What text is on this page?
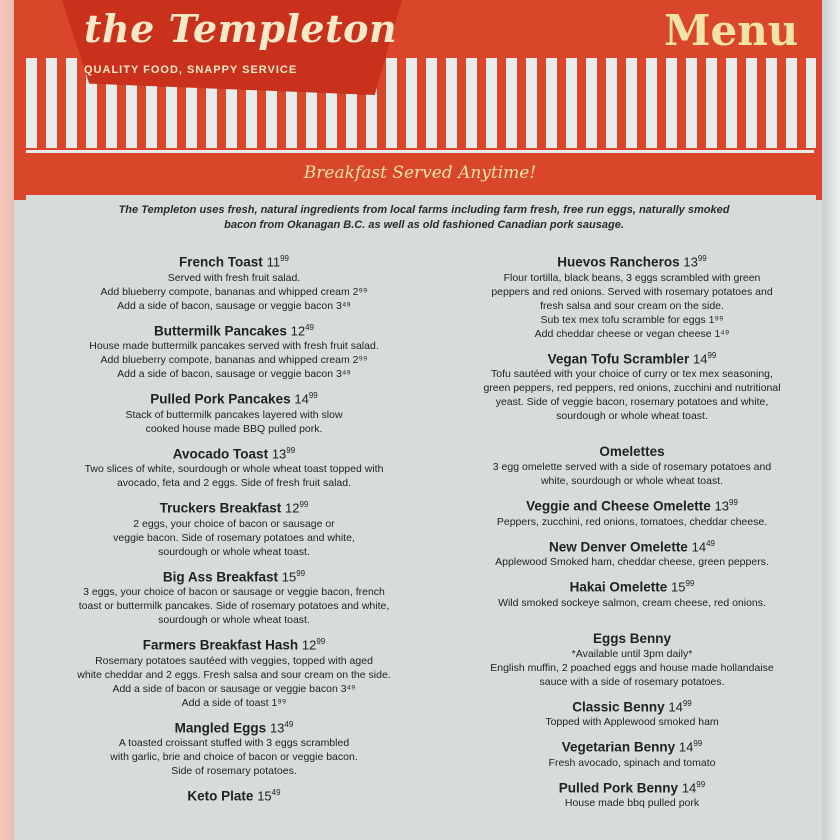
the Templeton
QUALITY FOOD, SNAPPY SERVICE
Menu
Breakfast Served Anytime!
The Templeton uses fresh, natural ingredients from local farms including farm fresh, free run eggs, naturally smoked bacon from Okanagan B.C. as well as old fashioned Canadian pork sausage.
French Toast $11^{99}$
Served with fresh fruit salad.
Add blueberry compote, bananas and whipped cream 2⁹⁹
Add a side of bacon, sausage or veggie bacon 3⁴⁹
Buttermilk Pancakes $12^{49}$
House made buttermilk pancakes served with fresh fruit salad.
Add blueberry compote, bananas and whipped cream 2⁹⁹
Add a side of bacon, sausage or veggie bacon 3⁴⁹
Pulled Pork Pancakes $14^{99}$
Stack of buttermilk pancakes layered with slow
cooked house made BBQ pulled pork.
Avocado Toast $13^{99}$
Two slices of white, sourdough or whole wheat toast topped with
avocado, feta and 2 eggs. Side of fresh fruit salad.
Truckers Breakfast $12^{99}$
2 eggs, your choice of bacon or sausage or
veggie bacon. Side of rosemary potatoes and white,
sourdough or whole wheat toast.
Big Ass Breakfast $15^{99}$
3 eggs, your choice of bacon or sausage or veggie bacon, french
toast or buttermilk pancakes. Side of rosemary potatoes and white,
sourdough or whole wheat toast.
Farmers Breakfast Hash $12^{99}$
Rosemary potatoes sautéed with veggies, topped with aged
white cheddar and 2 eggs. Fresh salsa and sour cream on the side.
Add a side of bacon or sausage or veggie bacon 3⁴⁹
Add a side of toast 1⁹⁹
Mangled Eggs $13^{49}$
A toasted croissant stuffed with 3 eggs scrambled
with garlic, brie and choice of bacon or veggie bacon.
Side of rosemary potatoes.
Keto Plate $15^{49}$
Huevos Rancheros $13^{99}$
Flour tortilla, black beans, 3 eggs scrambled with green
peppers and red onions. Served with rosemary potatoes and
fresh salsa and sour cream on the side.
Sub tex mex tofu scramble for eggs 1⁹⁹
Add cheddar cheese or vegan cheese 1⁴⁹
Vegan Tofu Scrambler $14^{99}$
Tofu sautéed with your choice of curry or tex mex seasoning,
green peppers, red peppers, red onions, zucchini and nutritional
yeast. Side of veggie bacon, rosemary potatoes and white,
sourdough or whole wheat toast.
Omelettes
3 egg omelette served with a side of rosemary potatoes and
white, sourdough or whole wheat toast.
Veggie and Cheese Omelette $13^{99}$
Peppers, zucchini, red onions, tomatoes, cheddar cheese.
New Denver Omelette $14^{49}$
Applewood Smoked ham, cheddar cheese, green peppers.
Hakai Omelette $15^{99}$
Wild smoked sockeye salmon, cream cheese, red onions.
Eggs Benny
*Available until 3pm daily*
English muffin, 2 poached eggs and house made hollandaise
sauce with a side of rosemary potatoes.
Classic Benny $14^{99}$
Topped with Applewood smoked ham
Vegetarian Benny $14^{99}$
Fresh avocado, spinach and tomato
Pulled Pork Benny $14^{99}$
House made bbq pulled pork
